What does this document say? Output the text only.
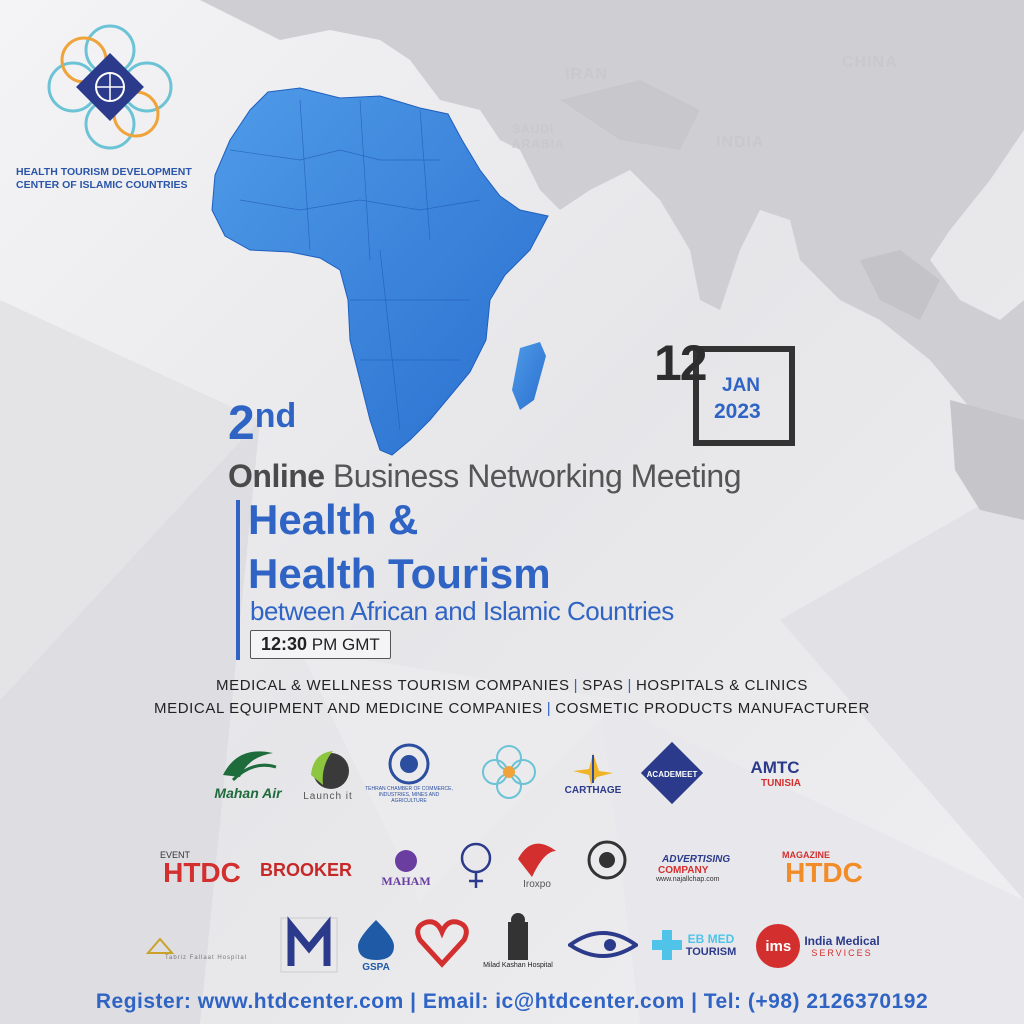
IRAN
CHINA
INDIA
SAUDI
ARABIA
HEALTH TOURISM DEVELOPMENT
CENTER OF ISLAMIC COUNTRIES
12 JAN
2023
2nd
Online Business Networking Meeting
Health &
Health Tourism
between African and Islamic Countries
12:30 PM GMT
MEDICAL & WELLNESS TOURISM COMPANIES | SPAS | HOSPITALS & CLINICS
MEDICAL EQUIPMENT AND MEDICINE COMPANIES | COSMETIC PRODUCTS MANUFACTURER
Mahan Air Launch it
TEHRAN CHAMBER OF COMMERCE, INDUSTRIES, MINES AND AGRICULTURE
CARTHAGE
ACADEMEET	AMTC
TUNISIA
EVENT
HTDC BROOKER
MAHAM	Iroxpo
ADVERTISING
COMPANY
www.najallchap.com
MAGAZINE
HTDC
Tabriz Fallaat Hospital
GSPA	Milad Kashan Hospital
EB MED
TOURISM ims India Medical
SERVICES
Register: www.htdcenter.com | Email: ic@htdcenter.com | Tel: (+98) 2126370192
